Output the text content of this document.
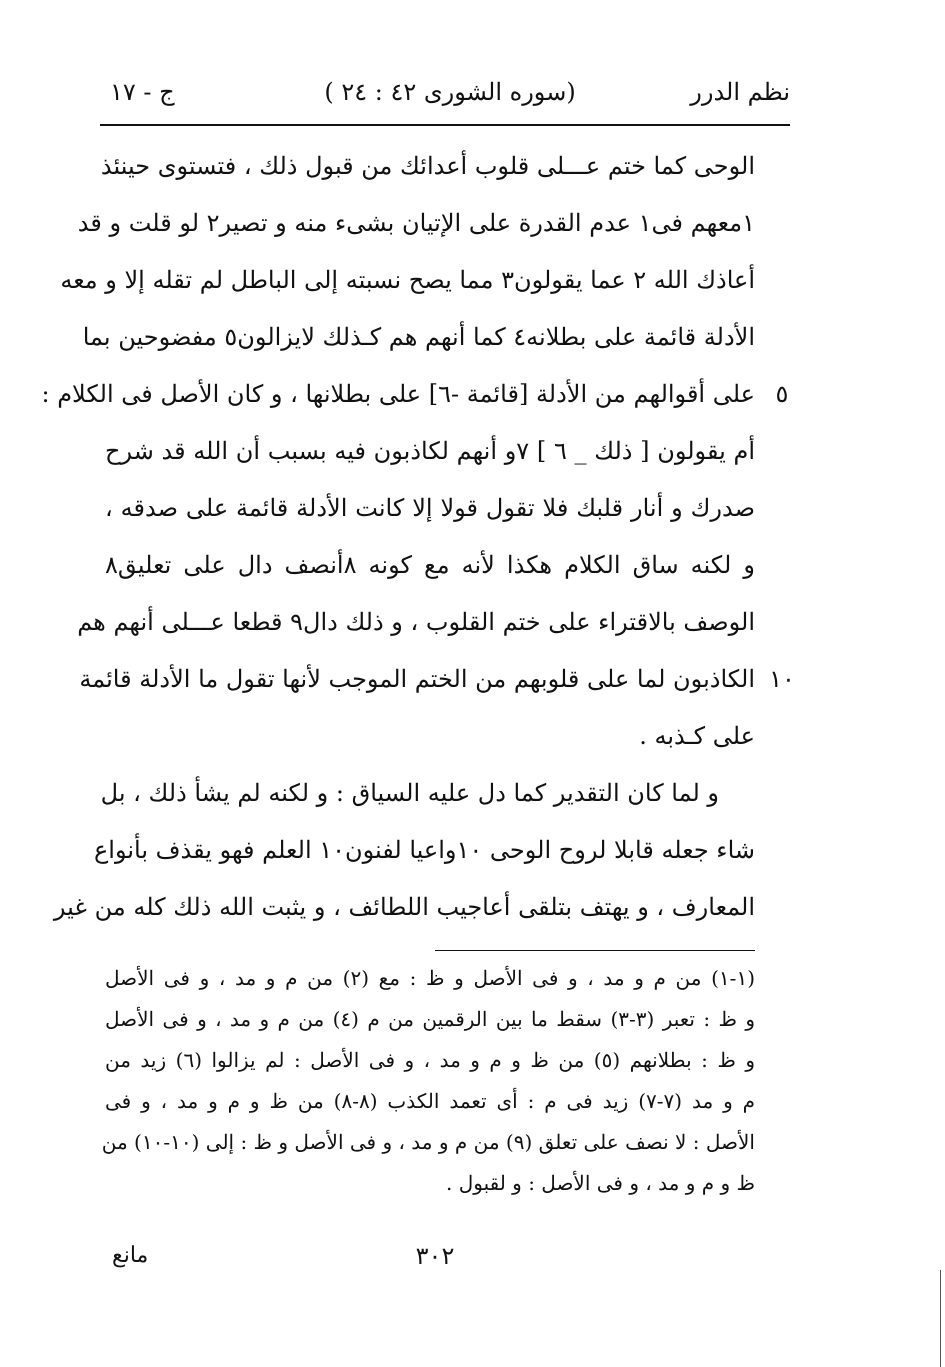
نظم الدرر
(سوره الشورى ٤٢ : ٢٤ )
ج - ١٧
الوحى كما ختم عـــلى قلوب أعدائك من قبول ذلك ، فتستوى حينئذ
١معهم فى١ عدم القدرة على الإتيان بشىء منه و تصير٢ لو قلت و قد
أعاذك الله ٢ عما يقولون٣ مما يصح نسبته إلى الباطل لم تقله إلا و معه
الأدلة قائمة على بطلانه٤ كما أنهم هم كـذلك لايزالون٥ مفضوحين بما
على أقوالهم من الأدلة [قائمة -٦] على بطلانها ، و كان الأصل فى الكلام :
أم يقولون [ ذلك _ ٦ ] ٧و أنهم لكاذبون فيه بسبب أن الله قد شرح
صدرك و أنار قلبك فلا تقول قولا إلا كانت الأدلة قائمة على صدقه ،
و لكنه ساق الكلام هكذا لأنه مع كونه ٨أنصف دال على تعليق٨
الوصف بالاقتراء على ختم القلوب ، و ذلك دال٩ قطعا عـــلى أنهم هم
الكاذبون لما على قلوبهم من الختم الموجب لأنها تقول ما الأدلة قائمة
على كـذبه .
و لما كان التقدير كما دل عليه السياق : و لكنه لم يشأ ذلك ، بل
شاء جعله قابلا لروح الوحى ١٠واعيا لفنون١٠ العلم فهو يقذف بأنواع
المعارف ، و يهتف بتلقى أعاجيب اللطائف ، و يثبت الله ذلك كله من غير
٥
١٠
(١-١) من م و مد ، و فى الأصل و ظ : مع (٢) من م و مد ، و فى الأصل
و ظ : تعبر (٣-٣) سقط ما بين الرقمين من م (٤) من م و مد ، و فى الأصل
و ظ : بطلانهم (٥) من ظ و م و مد ، و فى الأصل : لم يزالوا (٦) زيد من
م و مد (٧-٧) زيد فى م : أى تعمد الكذب (٨-٨) من ظ و م و مد ، و فى
الأصل : لا نصف على تعلق (٩) من م و مد ، و فى الأصل و ظ : إلى (١٠-١٠) من
ظ و م و مد ، و فى الأصل : و لقبول .
٣٠٢
مانع
